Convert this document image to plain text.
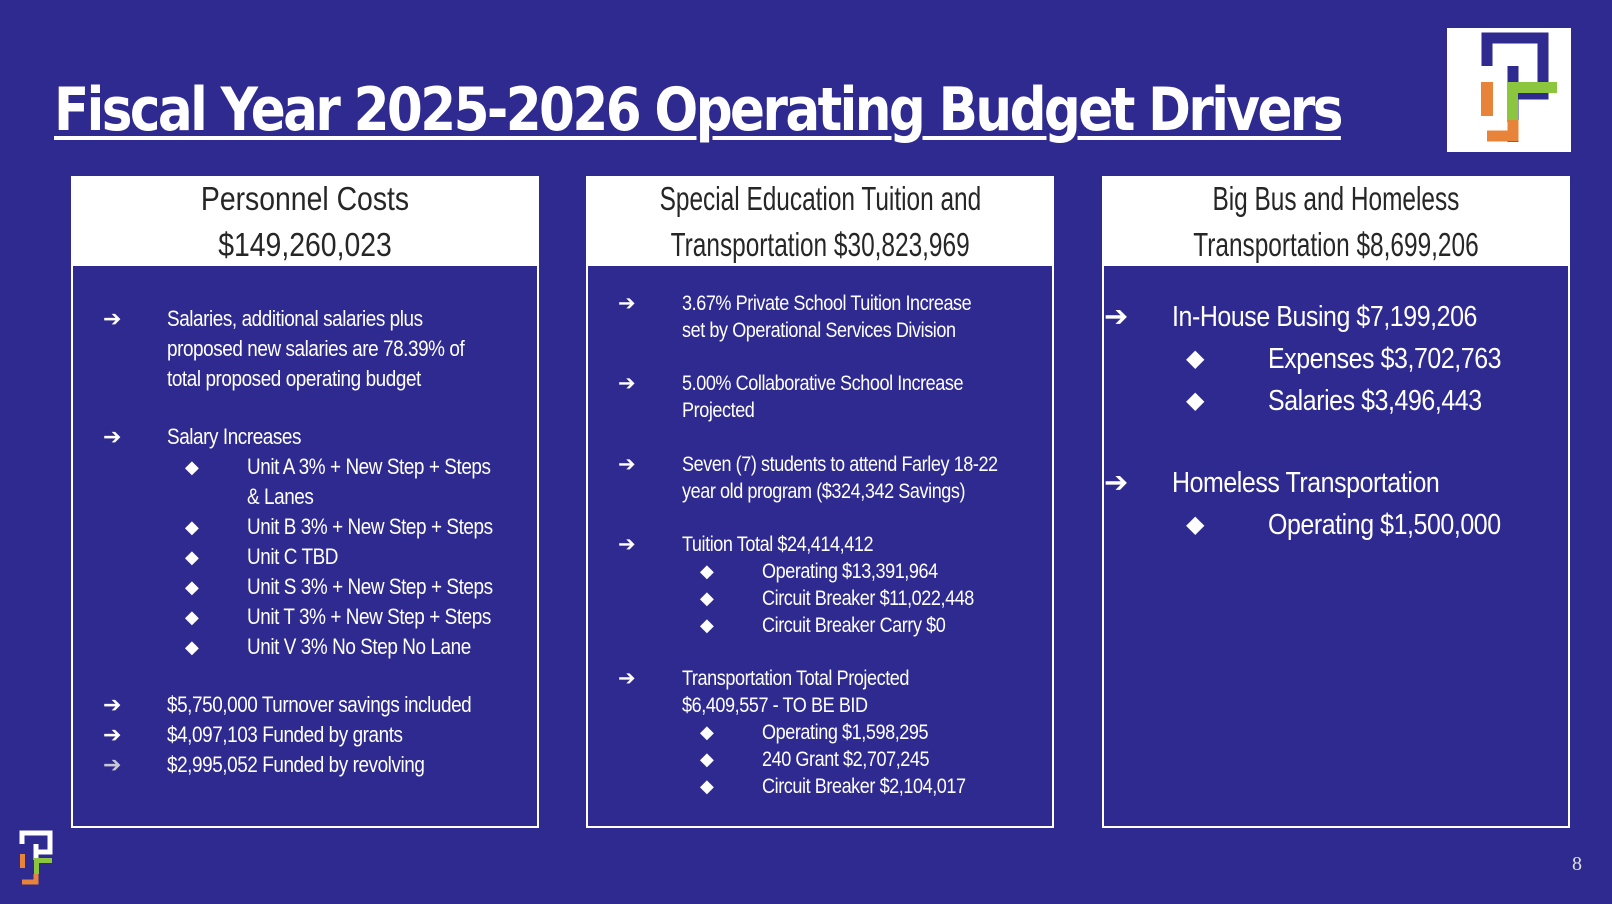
Fiscal Year 2025-2026 Operating Budget Drivers
Personnel Costs $149,260,023
➔	Salaries, additional salaries plus
proposed new salaries are 78.39% of
total proposed operating budget
➔	Salary Increases
◆	Unit A 3% + New Step + Steps
& Lanes
◆	Unit B 3% + New Step + Steps
◆	Unit C TBD
◆	Unit S 3% + New Step + Steps
◆	Unit T 3% + New Step + Steps
◆	Unit V 3% No Step No Lane
➔	$5,750,000 Turnover savings included
➔	$4,097,103 Funded by grants
➔	$2,995,052 Funded by revolving
Special Education Tuition and
Transportation $30,823,969
➔	3.67% Private School Tuition Increase
set by Operational Services Division
➔	5.00% Collaborative School Increase
Projected
➔	Seven (7) students to attend Farley 18-22
year old program ($324,342 Savings)
➔	Tuition Total $24,414,412
◆	Operating $13,391,964
◆	Circuit Breaker $11,022,448
◆	Circuit Breaker Carry $0
➔	Transportation Total Projected
$6,409,557 - TO BE BID
◆	Operating $1,598,295
◆	240 Grant $2,707,245
◆	Circuit Breaker $2,104,017
Big Bus and Homeless
Transportation $8,699,206
➔	In-House Busing $7,199,206
◆	Expenses $3,702,763
◆	Salaries $3,496,443
➔	Homeless Transportation
◆	Operating $1,500,000
8
